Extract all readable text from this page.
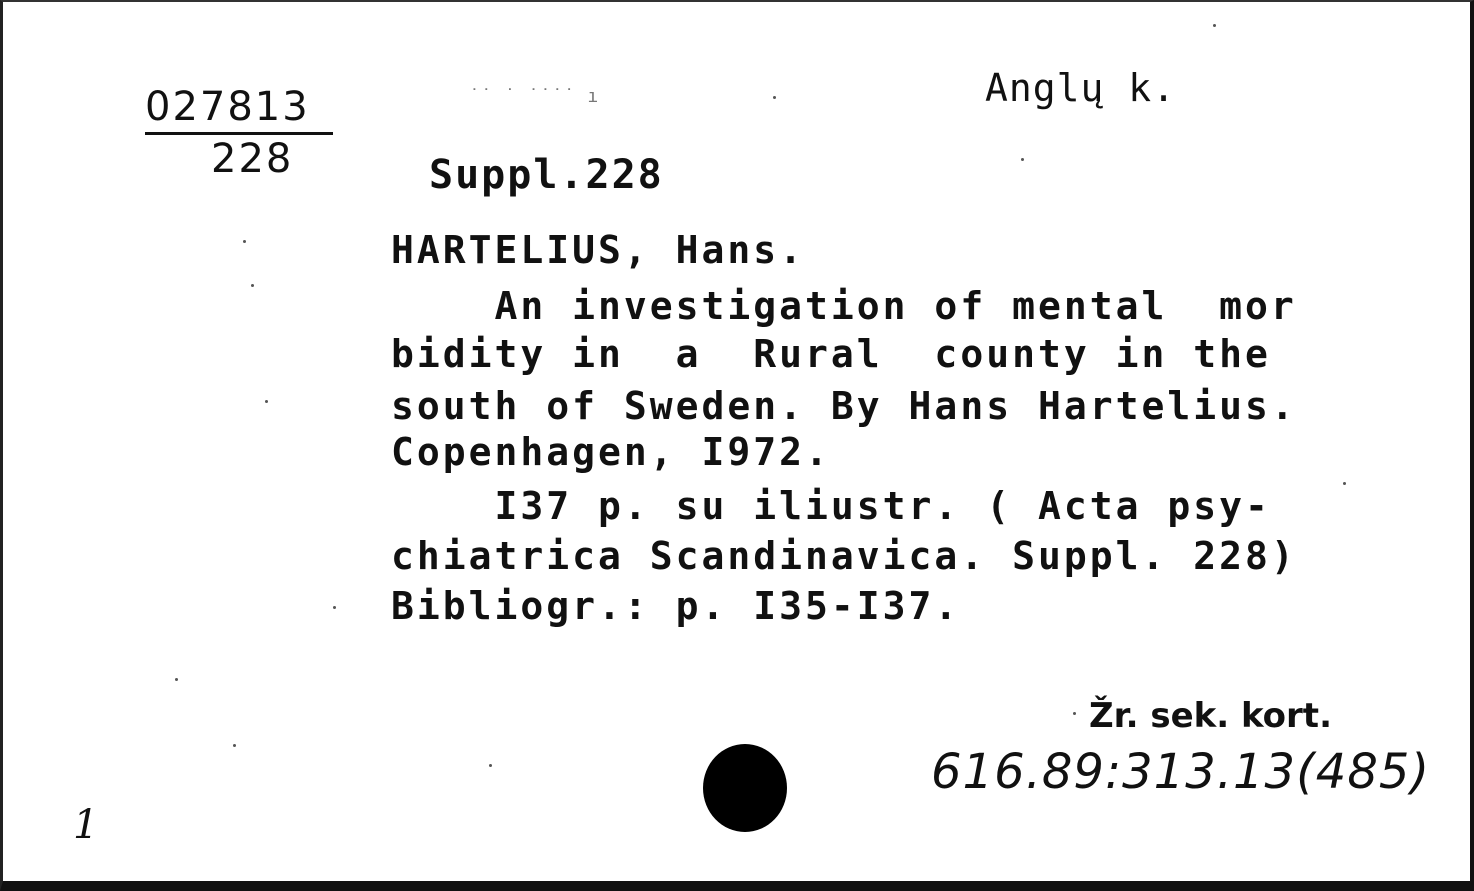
027813
228
˙˙ ˙ ˙˙˙˙ ı	Anglų k.
Suppl.228
HARTELIUS, Hans.
An investigation of mental  mor
bidity in  a  Rural  county in the
south of Sweden. By Hans Hartelius.
Copenhagen, I972.
I37 p. su iliustr. ( Acta psy-
chiatrica Scandinavica. Suppl. 228)
Bibliogr.: p. I35-I37.
Žr. sek. kort.
616.89:313.13(485)
1
